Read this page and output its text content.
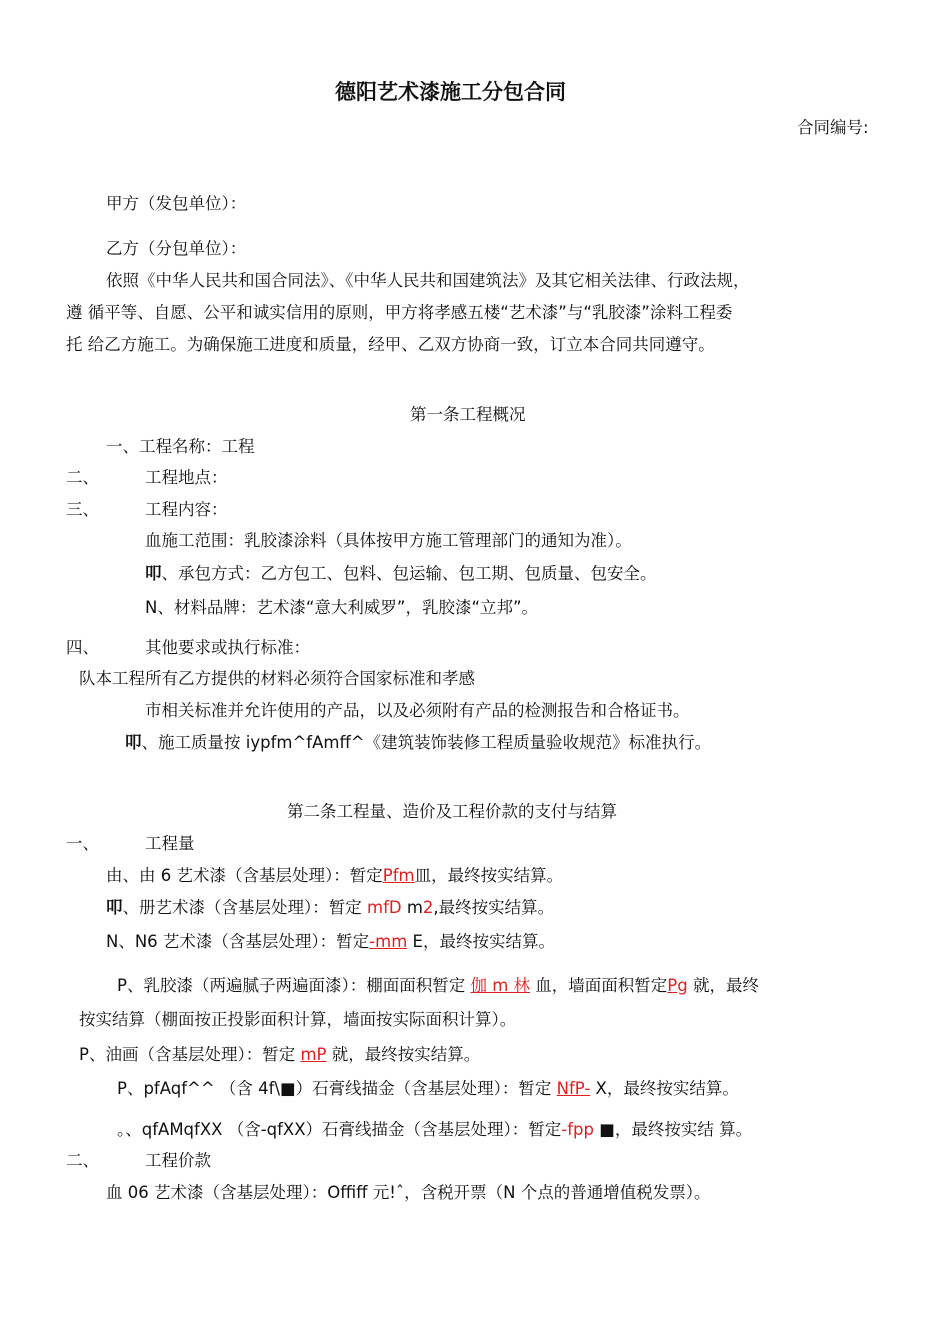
德阳艺术漆施工分包合同
合同编号:
甲方（发包单位）：
乙方（分包单位）：
依照《中华人民共和国合同法》、《中华人民共和国建筑法》及其它相关法律、行政法规，
遵 循平等、自愿、公平和诚实信用的原则，甲方将孝感五楼“艺术漆”与“乳胶漆”涂料工程委
托 给乙方施工。为确保施工进度和质量，经甲、乙双方协商一致，订立本合同共同遵守。
第一条工程概况
一、工程名称：工程
二、	工程地点：
三、	工程内容：
血施工范围：乳胶漆涂料（具体按甲方施工管理部门的通知为准）。
叩、承包方式：乙方包工、包料、包运输、包工期、包质量、包安全。
N、材料品牌：艺术漆“意大利威罗”，乳胶漆“立邦”。
四、	其他要求或执行标准：
队本工程所有乙方提供的材料必须符合国家标准和孝感
市相关标准并允许使用的产品，以及必须附有产品的检测报告和合格证书。
叩、施工质量按 iypfm^fAmff^《建筑装饰装修工程质量验收规范》标准执行。
第二条工程量、造价及工程价款的支付与结算
一、	工程量
由、由 6 艺术漆（含基层处理）：暂定Pfm皿，最终按实结算。
叩、册艺术漆（含基层处理）：暂定 mfD m2,最终按实结算。
N、N6 艺术漆（含基层处理）：暂定-mm E，最终按实结算。
P、乳胶漆（两遍腻子两遍面漆）：棚面面积暂定 伽 m 林 血，墙面面积暂定Pg 就，最终
按实结算（棚面按正投影面积计算，墙面按实际面积计算）。
P、油画（含基层处理）：暂定 mP 就，最终按实结算。
P、pfAqf^^ （含 4f\■）石膏线描金（含基层处理）：暂定 NfP- X，最终按实结算。
。、qfAMqfXX （含-qfXX）石膏线描金（含基层处理）：暂定-fpp ■，最终按实结 算。
二、	工程价款
血 06 艺术漆（含基层处理）：Offiff 元!ˆ，含税开票（N 个点的普通增值税发票）。
